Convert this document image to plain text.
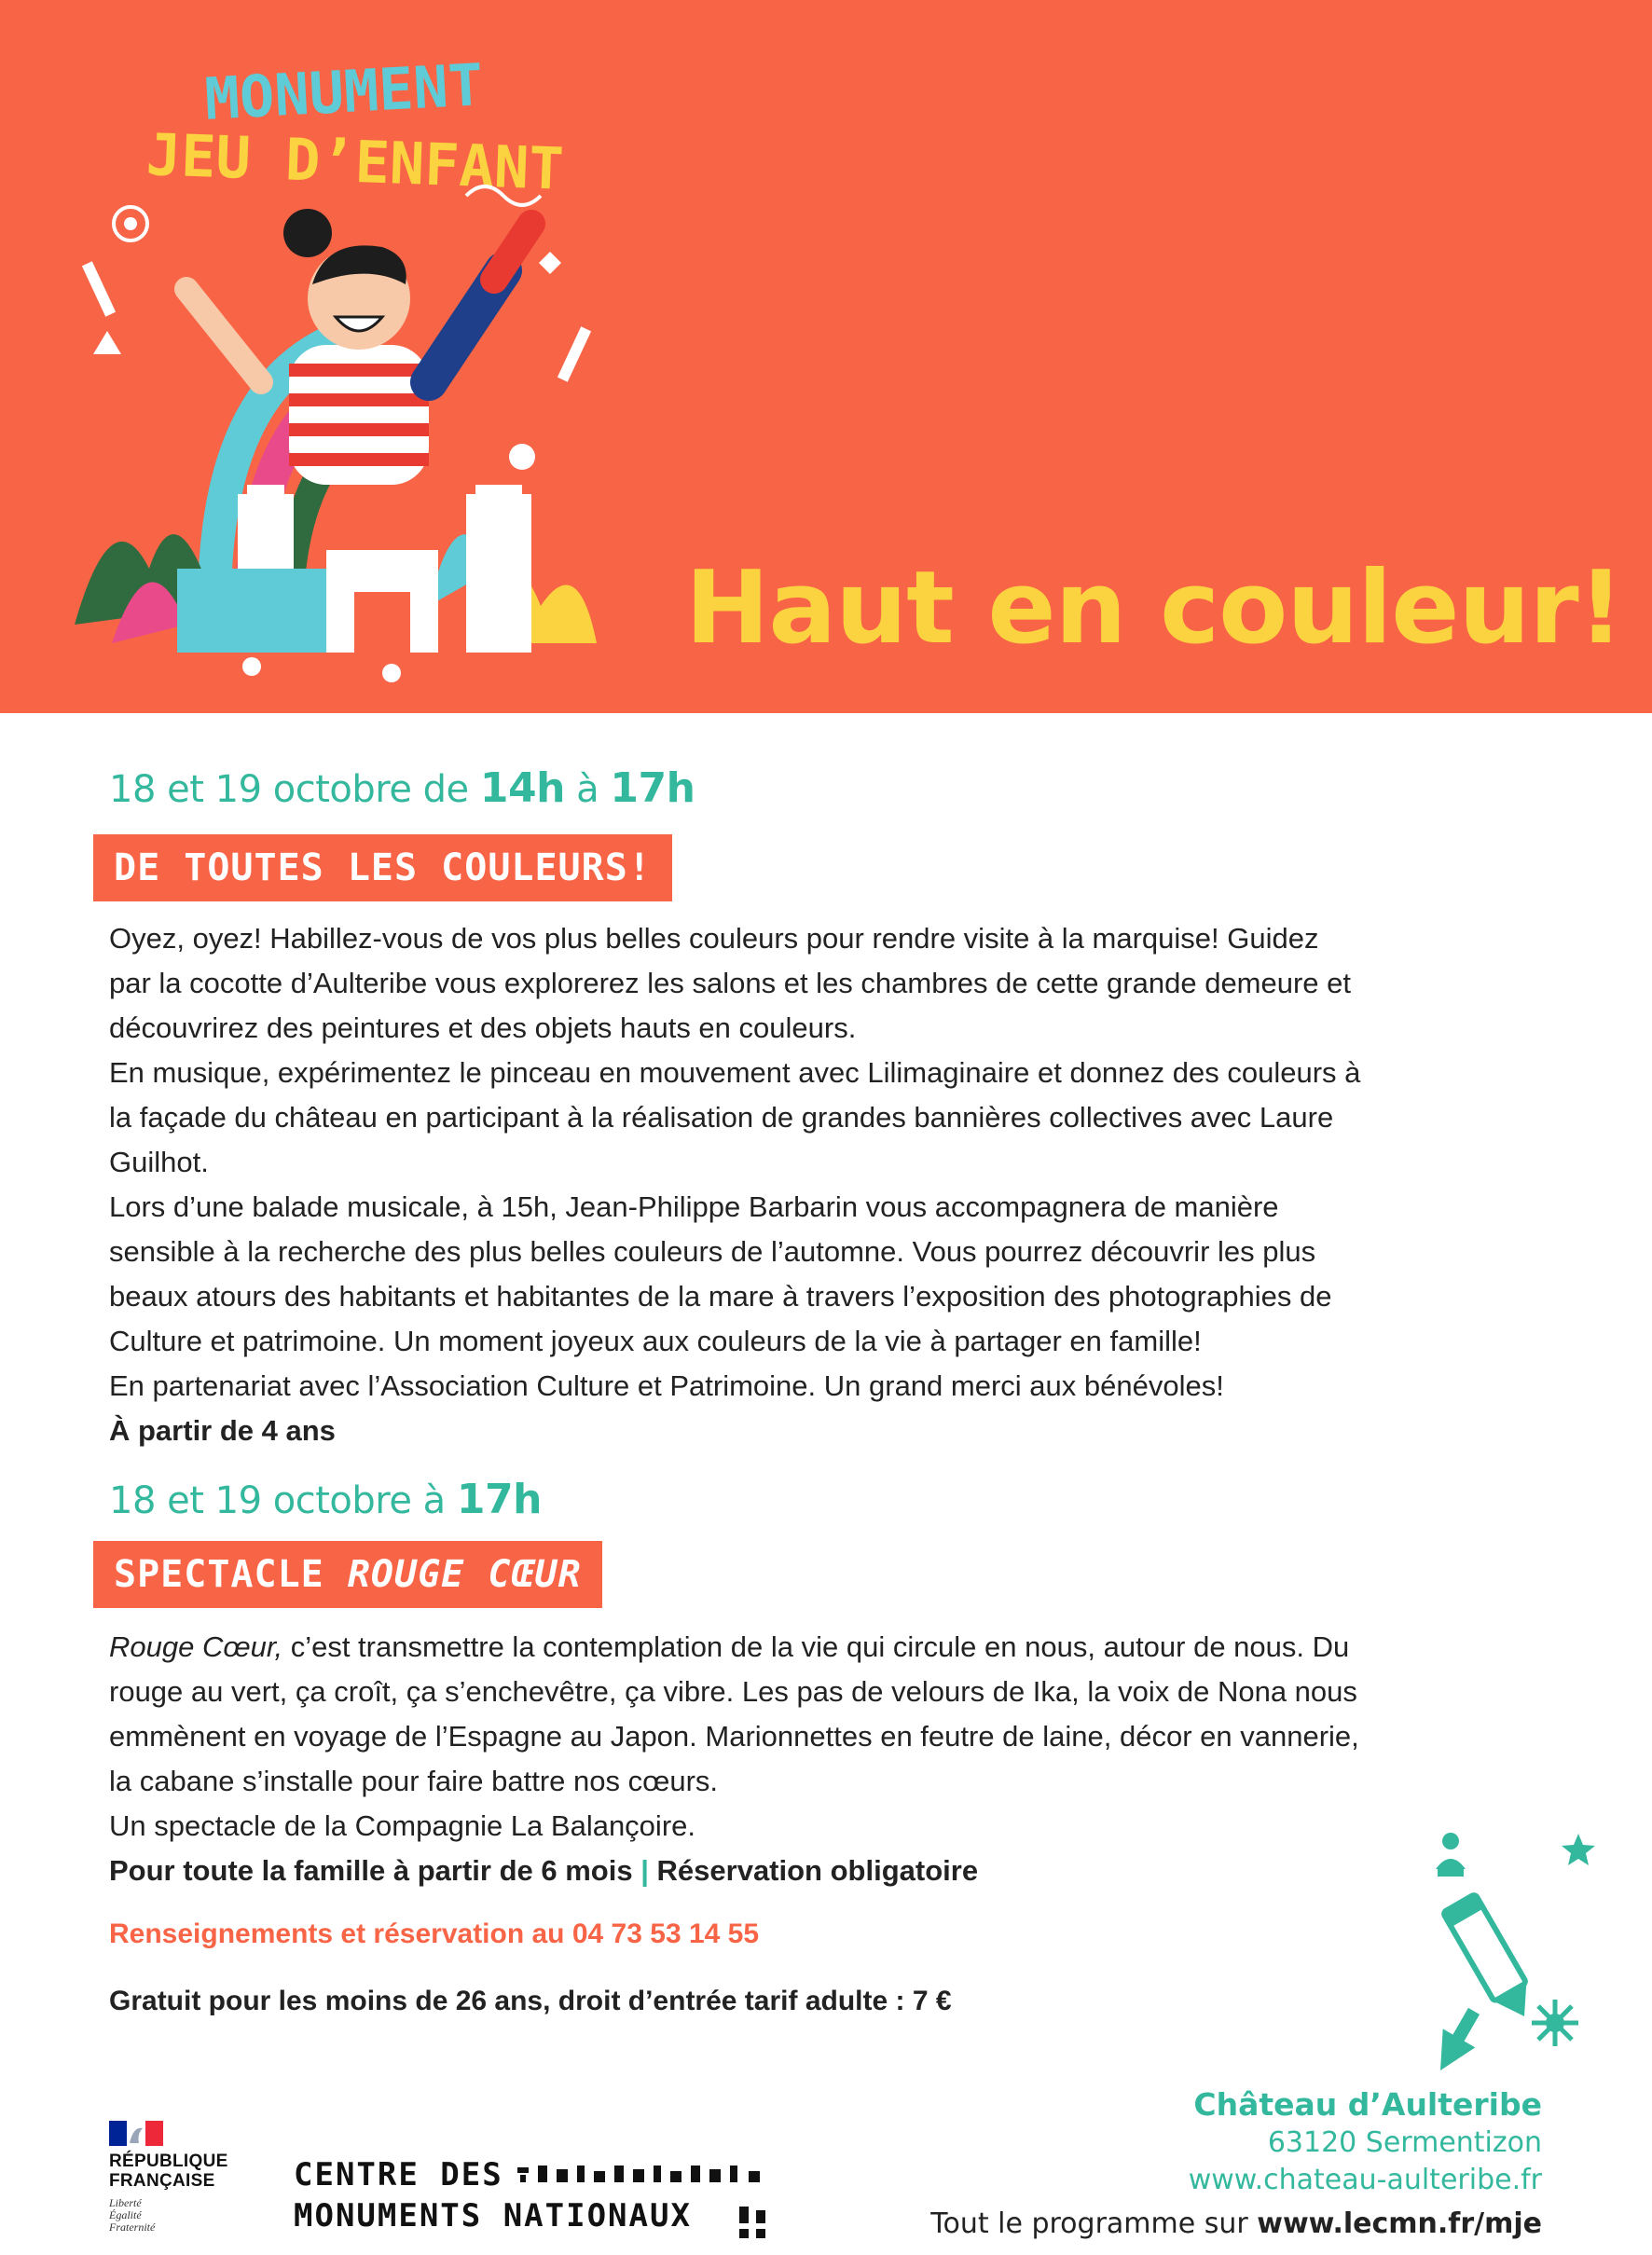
MONUMENT
JEU D’ENFANT
Haut en couleur!
18 et 19 octobre de 14h à 17h
DE TOUTES LES COULEURS!

Oyez, oyez! Habillez-vous de vos plus belles couleurs pour rendre visite à la marquise! Guidez par la cocotte d’Aulteribe vous explorerez les salons et les chambres de cette grande demeure et découvrirez des peintures et des objets hauts en couleurs.

En musique, expérimentez le pinceau en mouvement avec Lilimaginaire et donnez des couleurs à la façade du château en participant à la réalisation de grandes bannières collectives avec Laure Guilhot.

Lors d’une balade musicale, à 15h, Jean-Philippe Barbarin vous accompagnera de manière sensible à la recherche des plus belles couleurs de l’automne. Vous pourrez découvrir les plus beaux atours des habitants et habitantes de la mare à travers l’exposition des photographies de Culture et patrimoine. Un moment joyeux aux couleurs de la vie à partager en famille!

En partenariat avec l’Association Culture et Patrimoine. Un grand merci aux bénévoles!

À partir de 4 ans

18 et 19 octobre à 17h
SPECTACLE ROUGE CŒUR

Rouge Cœur, c’est transmettre la contemplation de la vie qui circule en nous, autour de nous. Du rouge au vert, ça croît, ça s’enchevêtre, ça vibre. Les pas de velours de Ika, la voix de Nona nous emmènent en voyage de l’Espagne au Japon. Marionnettes en feutre de laine, décor en vannerie, la cabane s’installe pour faire battre nos cœurs.

Un spectacle de la Compagnie La Balançoire.

Pour toute la famille à partir de 6 mois | Réservation obligatoire

Renseignements et réservation au 04 73 53 14 55
Gratuit pour les moins de 26 ans, droit d’entrée tarif adulte : 7 €
Château d’Aulteribe
63120 Sermentizon
www.chateau-aulteribe.fr
Tout le programme sur www.lecmn.fr/mje
RÉPUBLIQUE
FRANÇAISE
Liberté
Égalité
Fraternité
CENTRE DES
MONUMENTS NATIONAUX
